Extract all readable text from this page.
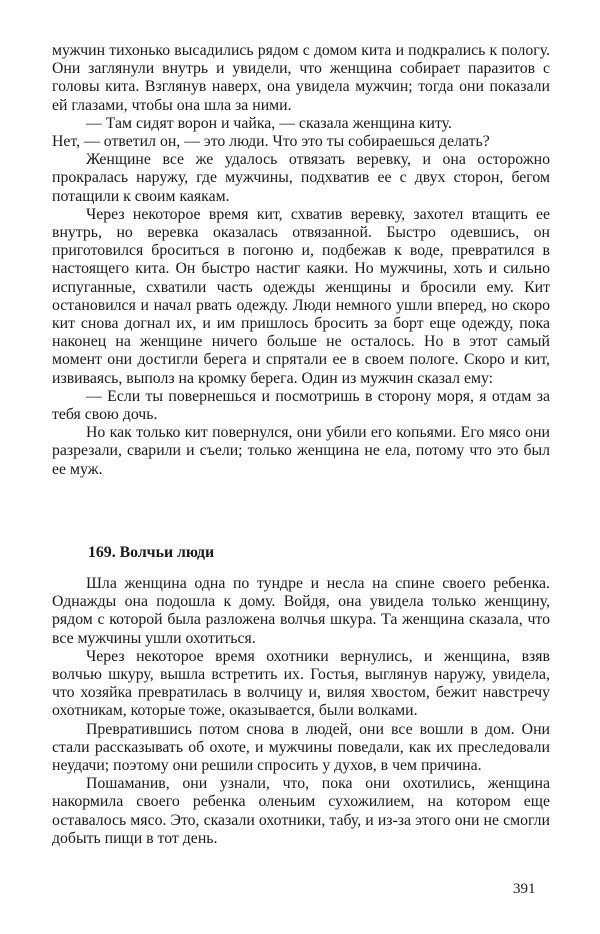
мужчин тихонько высадились рядом с домом кита и подкрались к пологу. Они заглянули внутрь и увидели, что женщина собирает паразитов с головы кита. Взглянув наверх, она увидела мужчин; тогда они показали ей глазами, чтобы она шла за ними.

— Там сидят ворон и чайка, — сказала женщина киту.

Нет, — ответил он, — это люди. Что это ты собираешься делать?

Женщине все же удалось отвязать веревку, и она осторожно прокралась наружу, где мужчины, подхватив ее с двух сторон, бегом потащили к своим каякам.

Через некоторое время кит, схватив веревку, захотел втащить ее внутрь, но веревка оказалась отвязанной. Быстро одевшись, он приготовился броситься в погоню и, подбежав к воде, превратился в настоящего кита. Он быстро настиг каяки. Но мужчины, хоть и сильно испуганные, схватили часть одежды женщины и бросили ему. Кит остановился и начал рвать одежду. Люди немного ушли вперед, но скоро кит снова догнал их, и им пришлось бросить за борт еще одежду, пока наконец на женщине ничего больше не осталось. Но в этот самый момент они достигли берега и спрятали ее в своем пологе. Скоро и кит, извиваясь, выполз на кромку берега. Один из мужчин сказал ему:

— Если ты повернешься и посмотришь в сторону моря, я отдам за тебя свою дочь.

Но как только кит повернулся, они убили его копьями. Его мясо они разрезали, сварили и съели; только женщина не ела, потому что это был ее муж.

169. Волчьи люди

Шла женщина одна по тундре и несла на спине своего ребенка. Однажды она подошла к дому. Войдя, она увидела только женщину, рядом с которой была разложена волчья шкура. Та женщина сказала, что все мужчины ушли охотиться.

Через некоторое время охотники вернулись, и женщина, взяв волчью шкуру, вышла встретить их. Гостья, выглянув наружу, увидела, что хозяйка превратилась в волчицу и, виляя хвостом, бежит навстречу охотникам, которые тоже, оказывается, были волками.

Превратившись потом снова в людей, они все вошли в дом. Они стали рассказывать об охоте, и мужчины поведали, как их преследовали неудачи; поэтому они решили спросить у духов, в чем причина.

Пошаманив, они узнали, что, пока они охотились, женщина накормила своего ребенка оленьим сухожилием, на котором еще оставалось мясо. Это, сказали охотники, табу, и из-за этого они не смогли добыть пищи в тот день.

391
